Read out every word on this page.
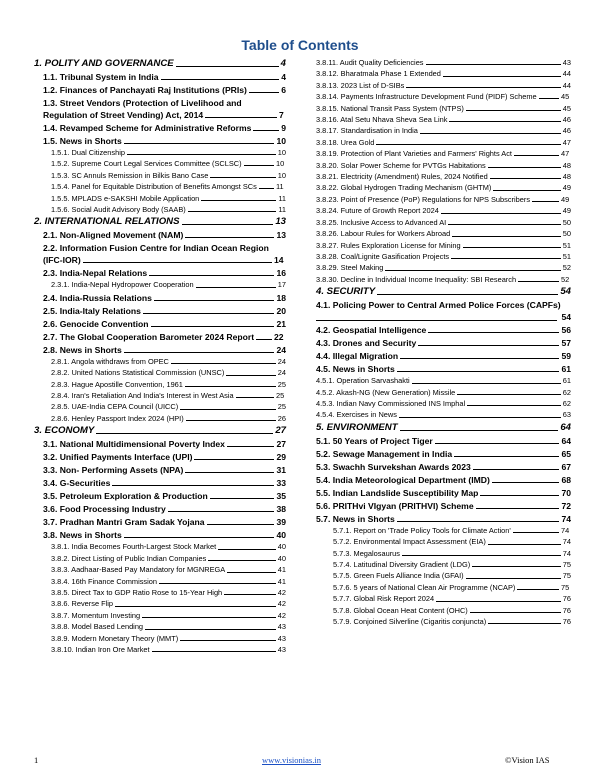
Table of Contents
1. POLITY AND GOVERNANCE	4
1.1. Tribunal System in India	4
1.2. Finances of Panchayati Raj Institutions (PRIs)	6
1.3. Street Vendors (Protection of Livelihood and Regulation of Street Vending) Act, 2014	7
1.4. Revamped Scheme for Administrative Reforms	9
1.5. News in Shorts	10
1.5.1. Dual Citizenship	10
1.5.2. Supreme Court Legal Services Committee (SCLSC)	10
1.5.3. SC Annuls Remission in Bilkis Bano Case	10
1.5.4. Panel for Equitable Distribution of Benefits Amongst SCs	11
1.5.5. MPLADS e-SAKSHI Mobile Application	11
1.5.6. Social Audit Advisory Body (SAAB)	11
2. INTERNATIONAL RELATIONS	13
2.1. Non-Aligned Movement (NAM)	13
2.2. Information Fusion Centre for Indian Ocean Region (IFC-IOR)	14
2.3. India-Nepal Relations	16
2.3.1. India-Nepal Hydropower Cooperation	17
2.4. India-Russia Relations	18
2.5. India-Italy Relations	20
2.6. Genocide Convention	21
2.7. The Global Cooperation Barometer 2024 Report 22
2.8. News in Shorts	24
2.8.1. Angola withdraws from OPEC	24
2.8.2. United Nations Statistical Commission (UNSC)	24
2.8.3. Hague Apostille Convention, 1961	25
2.8.4. Iran's Retaliation And India's Interest in West Asia	25
2.8.5. UAE-India CEPA Council (UICC)	25
2.8.6. Henley Passport Index 2024 (HPI)	26
3. ECONOMY	27
3.1. National Multidimensional Poverty Index	27
3.2. Unified Payments Interface (UPI)	29
3.3. Non- Performing Assets (NPA)	31
3.4. G-Securities	33
3.5. Petroleum Exploration & Production	35
3.6. Food Processing Industry	38
3.7. Pradhan Mantri Gram Sadak Yojana	39
3.8. News in Shorts	40
3.8.1. India Becomes Fourth-Largest Stock Market	40
3.8.2. Direct Listing of Public Indian Companies	40
3.8.3. Aadhaar-Based Pay Mandatory for MGNREGA	41
3.8.4. 16th Finance Commission	41
3.8.5. Direct Tax to GDP Ratio Rose to 15-Year High	42
3.8.6. Reverse Flip	42
3.8.7. Momentum Investing	42
3.8.8. Model Based Lending	43
3.8.9. Modern Monetary Theory (MMT)	43
3.8.10. Indian Iron Ore Market	43
3.8.11. Audit Quality Deficiencies	43
3.8.12. Bharatmala Phase 1 Extended	44
3.8.13. 2023 List of D-SIBs	44
3.8.14. Payments Infrastructure Development Fund (PIDF) Scheme	45
3.8.15. National Transit Pass System (NTPS)	45
3.8.16. Atal Setu Nhava Sheva Sea Link	46
3.8.17. Standardisation in India	46
3.8.18. Urea Gold	47
3.8.19. Protection of Plant Varieties and Farmers' Rights Act	47
3.8.20. Solar Power Scheme for PVTGs Habitations	48
3.8.21. Electricity (Amendment) Rules, 2024 Notified	48
3.8.22. Global Hydrogen Trading Mechanism (GHTM)	49
3.8.23. Point of Presence (PoP) Regulations for NPS Subscribers	49
3.8.24. Future of Growth Report 2024	49
3.8.25. Inclusive Access to Advanced AI	50
3.8.26. Labour Rules for Workers Abroad	50
3.8.27. Rules Exploration License for Mining	51
3.8.28. Coal/Lignite Gasification Projects	51
3.8.29. Steel Making	52
3.8.30. Decline in Individual Income Inequality: SBI Research	52
4. SECURITY	54
4.1. Policing Power to Central Armed Police Forces (CAPFs)
54
4.2. Geospatial Intelligence	56
4.3. Drones and Security	57
4.4. Illegal Migration	59
4.5. News in Shorts	61
4.5.1. Operation Sarvashakti	61
4.5.2. Akash-NG (New Generation) Missile	62
4.5.3. Indian Navy Commissioned INS Imphal	62
4.5.4. Exercises in News	63
5. ENVIRONMENT	64
5.1. 50 Years of Project Tiger	64
5.2. Sewage Management in India	65
5.3. Swachh Survekshan Awards 2023	67
5.4. India Meteorological Department (IMD)	68
5.5. Indian Landslide Susceptibility Map	70
5.6. PRITHvi VIgyan (PRITHVI) Scheme	72
5.7. News in Shorts	74
5.7.1. Report on 'Trade Policy Tools for Climate Action'	74
5.7.2. Environmental Impact Assessment (EIA)	74
5.7.3. Megalosaurus	74
5.7.4. Latitudinal Diversity Gradient (LDG)	75
5.7.5. Green Fuels Alliance India (GFAI)	75
5.7.6. 5 years of National Clean Air Programme (NCAP)	75
5.7.7. Global Risk Report 2024	76
5.7.8. Global Ocean Heat Content (OHC)	76
5.7.9. Conjoined Silverline (Cigaritis conjuncta)	76
1	www.visionias.in	©Vision IAS
